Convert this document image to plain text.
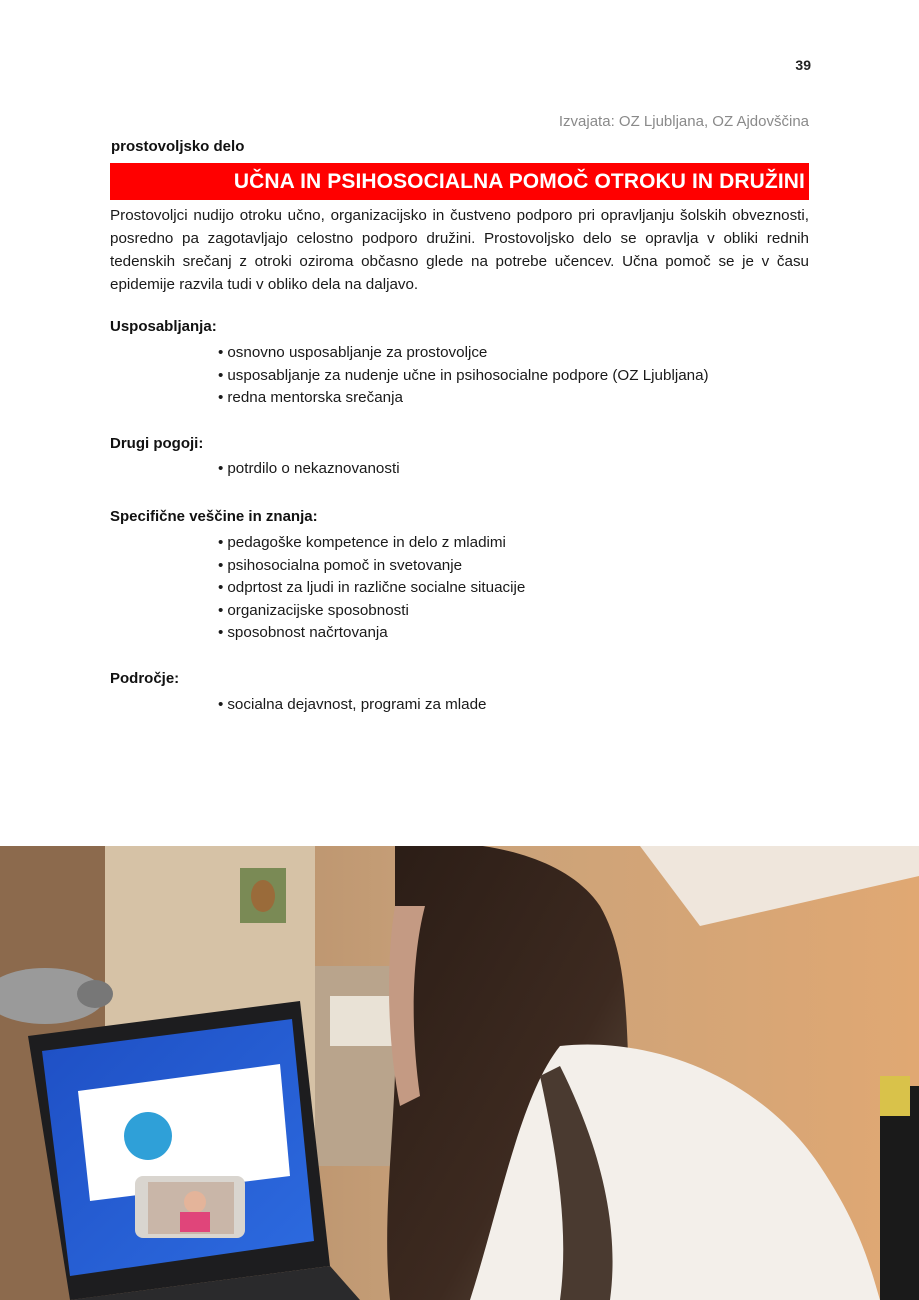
39
Izvajata: OZ Ljubljana, OZ Ajdovščina
prostovoljsko delo
UČNA IN PSIHOSOCIALNA POMOČ OTROKU IN DRUŽINI

Prostovoljci nudijo otroku učno, organizacijsko in čustveno podporo pri opravljanju šolskih obveznosti, posredno pa zagotavljajo celostno podporo družini. Prostovoljsko delo se opravlja v obliki rednih tedenskih srečanj z otroki oziroma občasno glede na potrebe učencev. Učna pomoč se je v času epidemije razvila tudi v obliko dela na daljavo.

Usposabljanja:
• osnovno usposabljanje za prostovoljce
• usposabljanje za nudenje učne in psihosocialne podpore (OZ Ljubljana)
• redna mentorska srečanja
Drugi pogoji:
• potrdilo o nekaznovanosti
Specifične veščine in znanja:
• pedagoške kompetence in delo z mladimi
• psihosocialna pomoč in svetovanje
• odprtost za ljudi in različne socialne situacije
• organizacijske sposobnosti
• sposobnost načrtovanja
Področje:
• socialna dejavnost, programi za mlade
